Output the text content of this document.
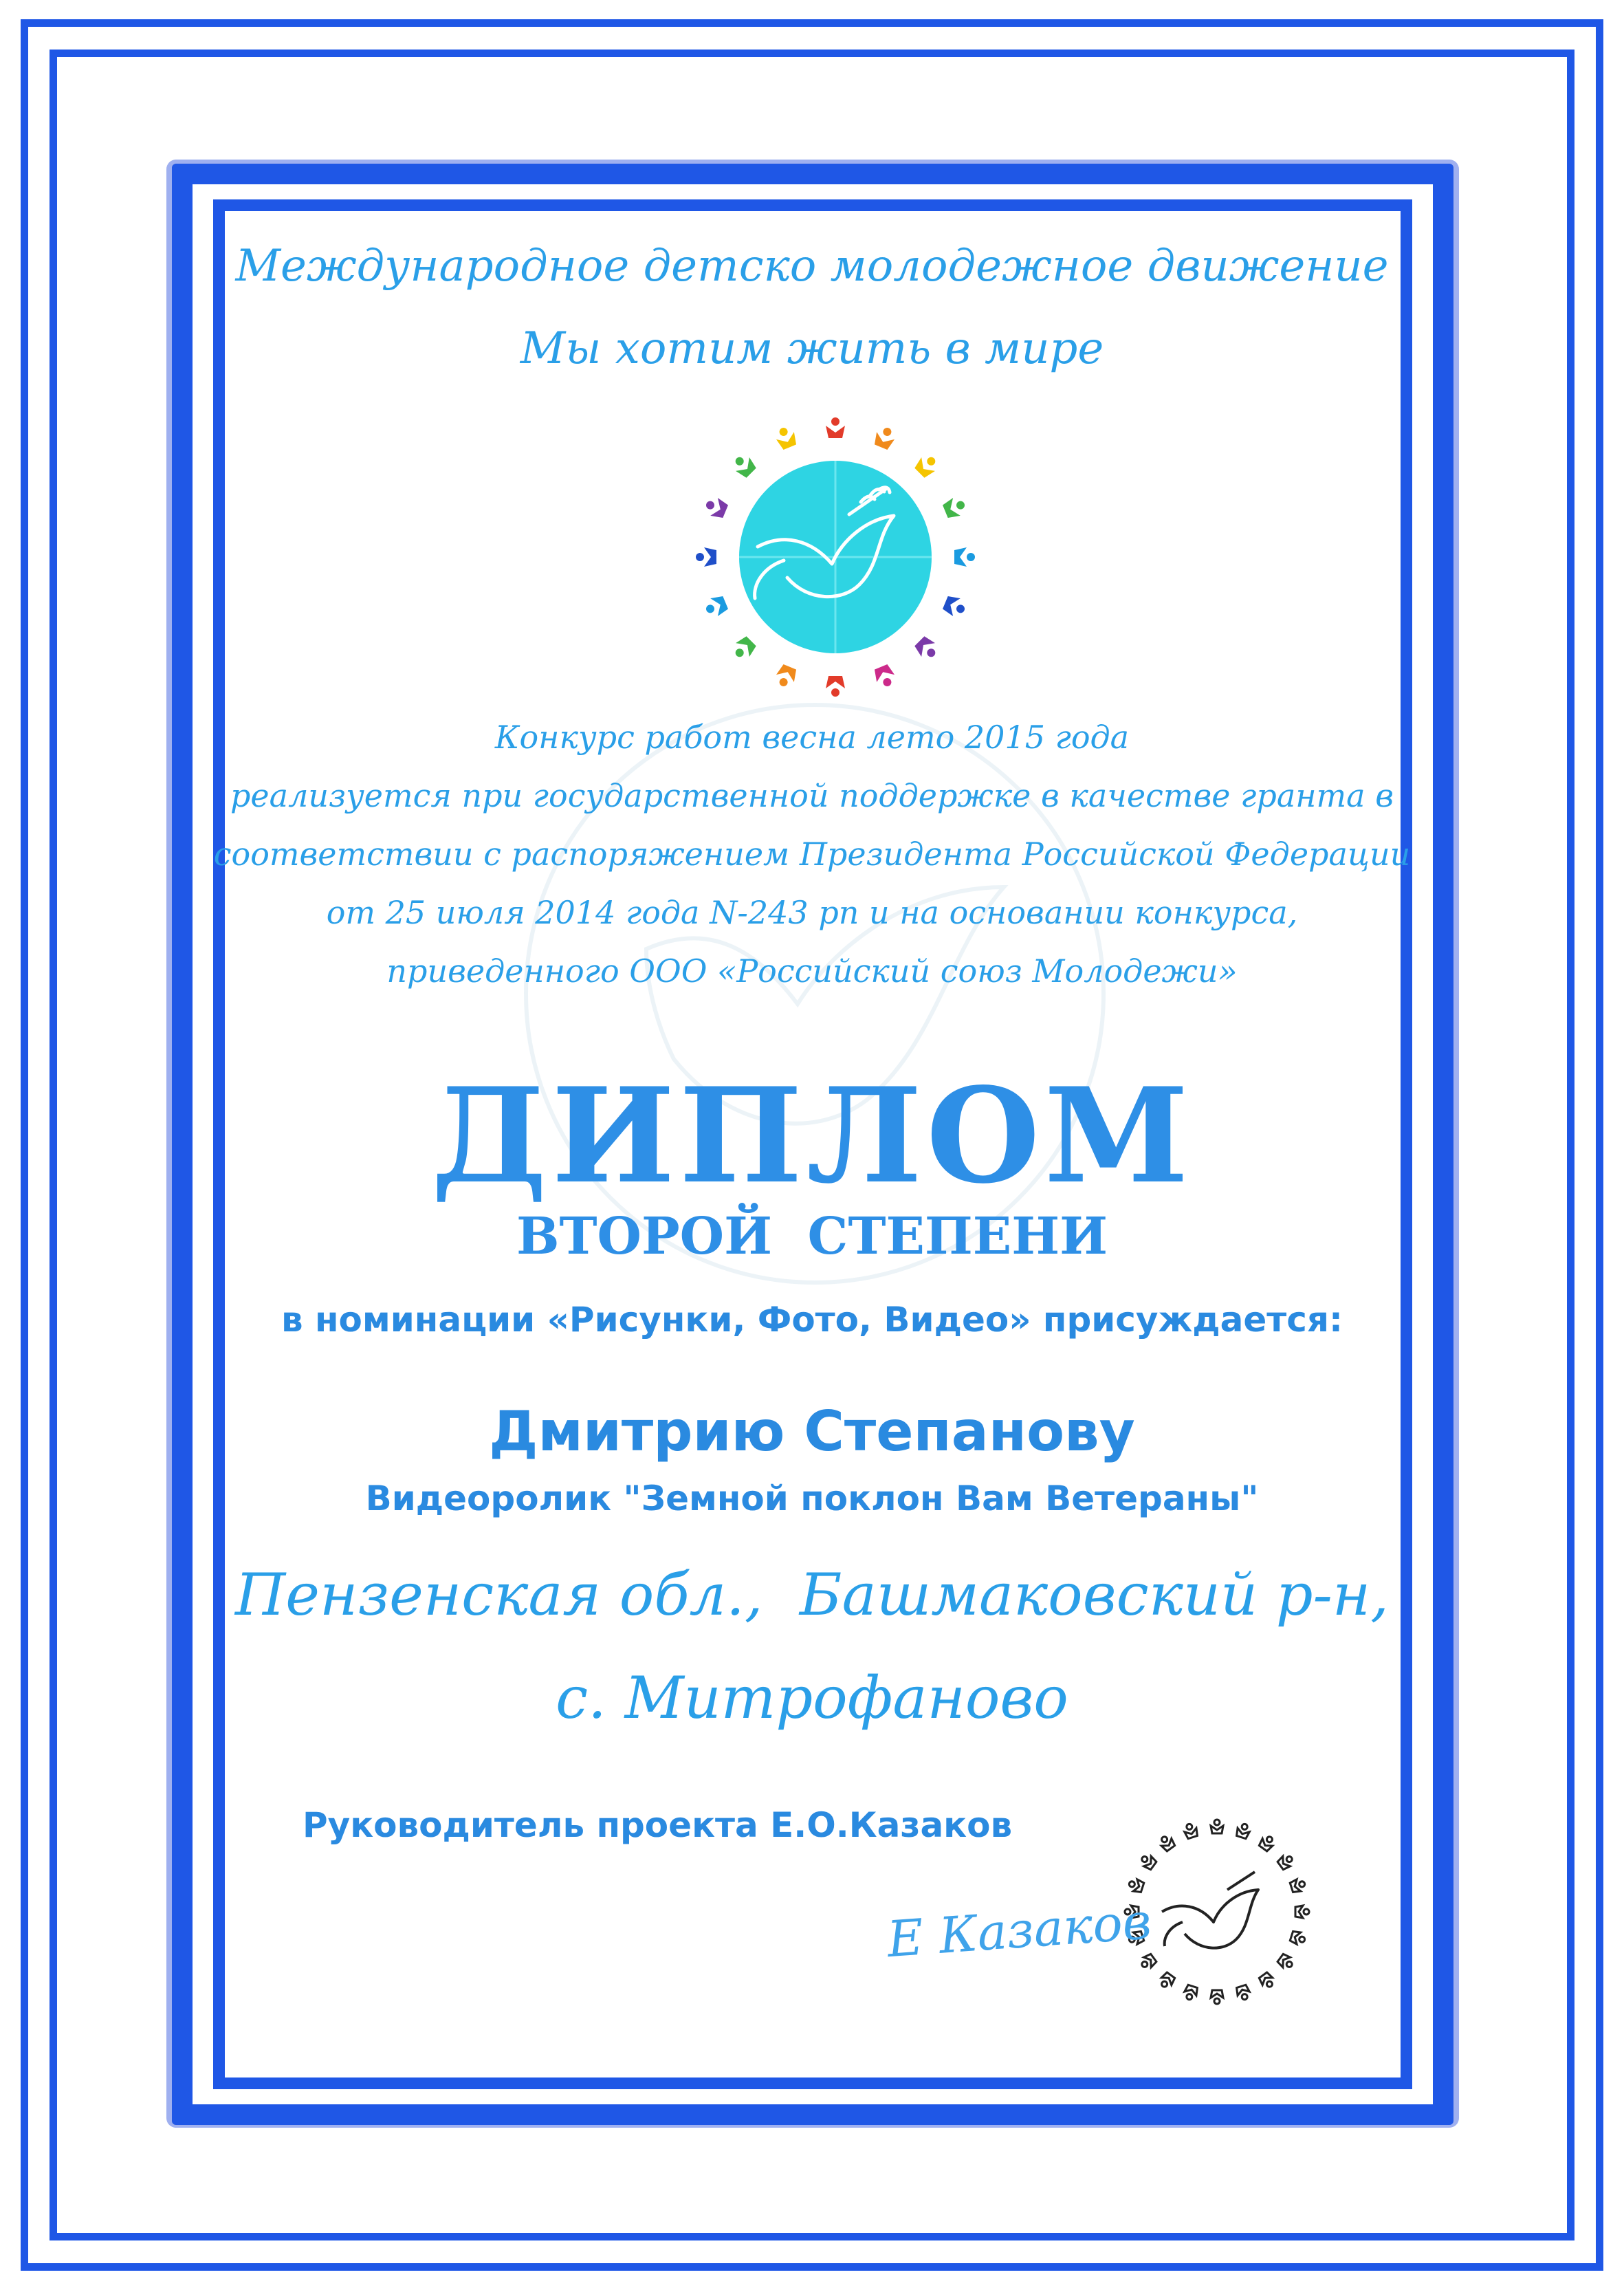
Международное детско молодежное движение
Мы хотим жить в мире
Конкурс работ весна лето 2015 года
реализуется при государственной поддержке в качестве гранта в
соответствии с распоряжением Президента Российской Федерации
от 25 июля 2014 года N-243 рп и на основании конкурса,
приведенного ООО «Российский союз Молодежи»
ДИПЛОМ
ВТОРОЙ  СТЕПЕНИ
в номинации «Рисунки, Фото, Видео» присуждается:
Дмитрию Степанову
Видеоролик "Земной поклон Вам Ветераны"
Пензенская обл.,  Башмаковский р-н,
с. Митрофаново
Руководитель проекта Е.О.Казаков
Е Казаков
